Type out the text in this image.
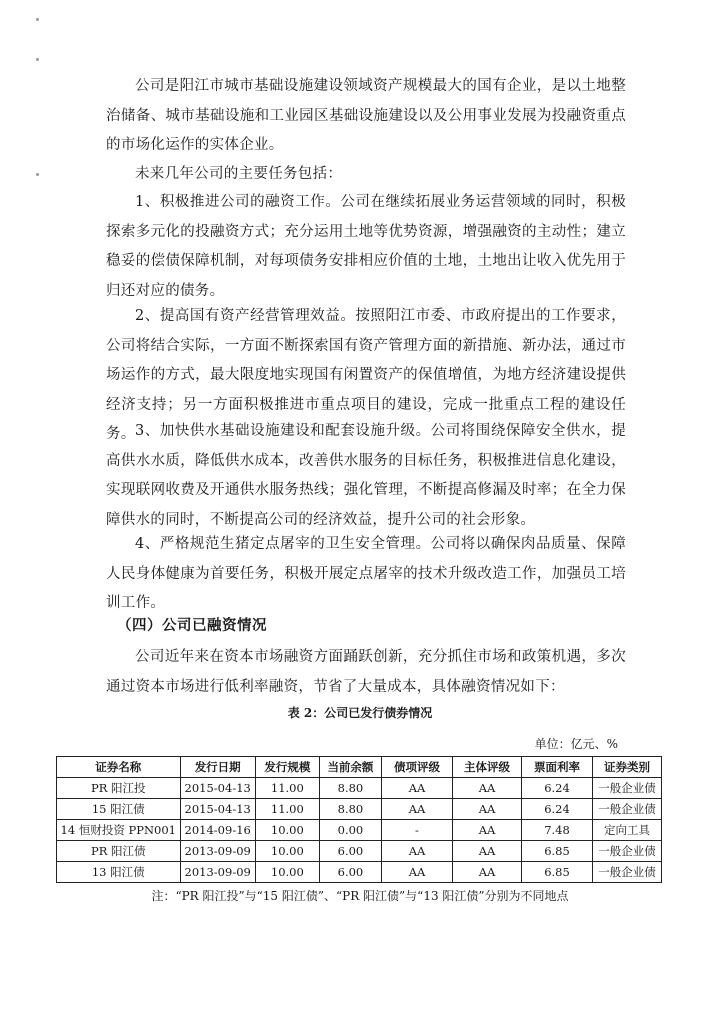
公司是阳江市城市基础设施建设领域资产规模最大的国有企业，是以土地整治储备、城市基础设施和工业园区基础设施建设以及公用事业发展为投融资重点的市场化运作的实体企业。

未来几年公司的主要任务包括：

1、积极推进公司的融资工作。公司在继续拓展业务运营领域的同时，积极探索多元化的投融资方式；充分运用土地等优势资源，增强融资的主动性；建立稳妥的偿债保障机制，对每项债务安排相应价值的土地，土地出让收入优先用于归还对应的债务。

2、提高国有资产经营管理效益。按照阳江市委、市政府提出的工作要求，公司将结合实际，一方面不断探索国有资产管理方面的新措施、新办法，通过市场运作的方式，最大限度地实现国有闲置资产的保值增值，为地方经济建设提供经济支持；另一方面积极推进市重点项目的建设，完成一批重点工程的建设任务。 3、加快供水基础设施建设和配套设施升级。公司将围绕保障安全供水，提高供水水质，降低供水成本，改善供水服务的目标任务，积极推进信息化建设，实现联网收费及开通供水服务热线；强化管理，不断提高修漏及时率；在全力保障供水的同时，不断提高公司的经济效益，提升公司的社会形象。

4、严格规范生猪定点屠宰的卫生安全管理。公司将以确保肉品质量、保障人民身体健康为首要任务，积极开展定点屠宰的技术升级改造工作，加强员工培训工作。

（四）公司已融资情况

公司近年来在资本市场融资方面踊跃创新，充分抓住市场和政策机遇，多次通过资本市场进行低利率融资，节省了大量成本，具体融资情况如下：

表 2：公司已发行债券情况
单位：亿元、%
证券名称	发行日期	发行规模	当前余额	债项评级	主体评级	票面利率	证券类别
PR 阳江投	2015-04-13	11.00	8.80	AA	AA	6.24	一般企业债
15 阳江债	2015-04-13	11.00	8.80	AA	AA	6.24	一般企业债
14 恒财投资 PPN001	2014-09-16	10.00	0.00	-	AA	7.48	定向工具
PR 阳江债	2013-09-09	10.00	6.00	AA	AA	6.85	一般企业债
13 阳江债	2013-09-09	10.00	6.00	AA	AA	6.85	一般企业债
注：“PR 阳江投”与“15 阳江债”、“PR 阳江债”与“13 阳江债”分别为不同地点
